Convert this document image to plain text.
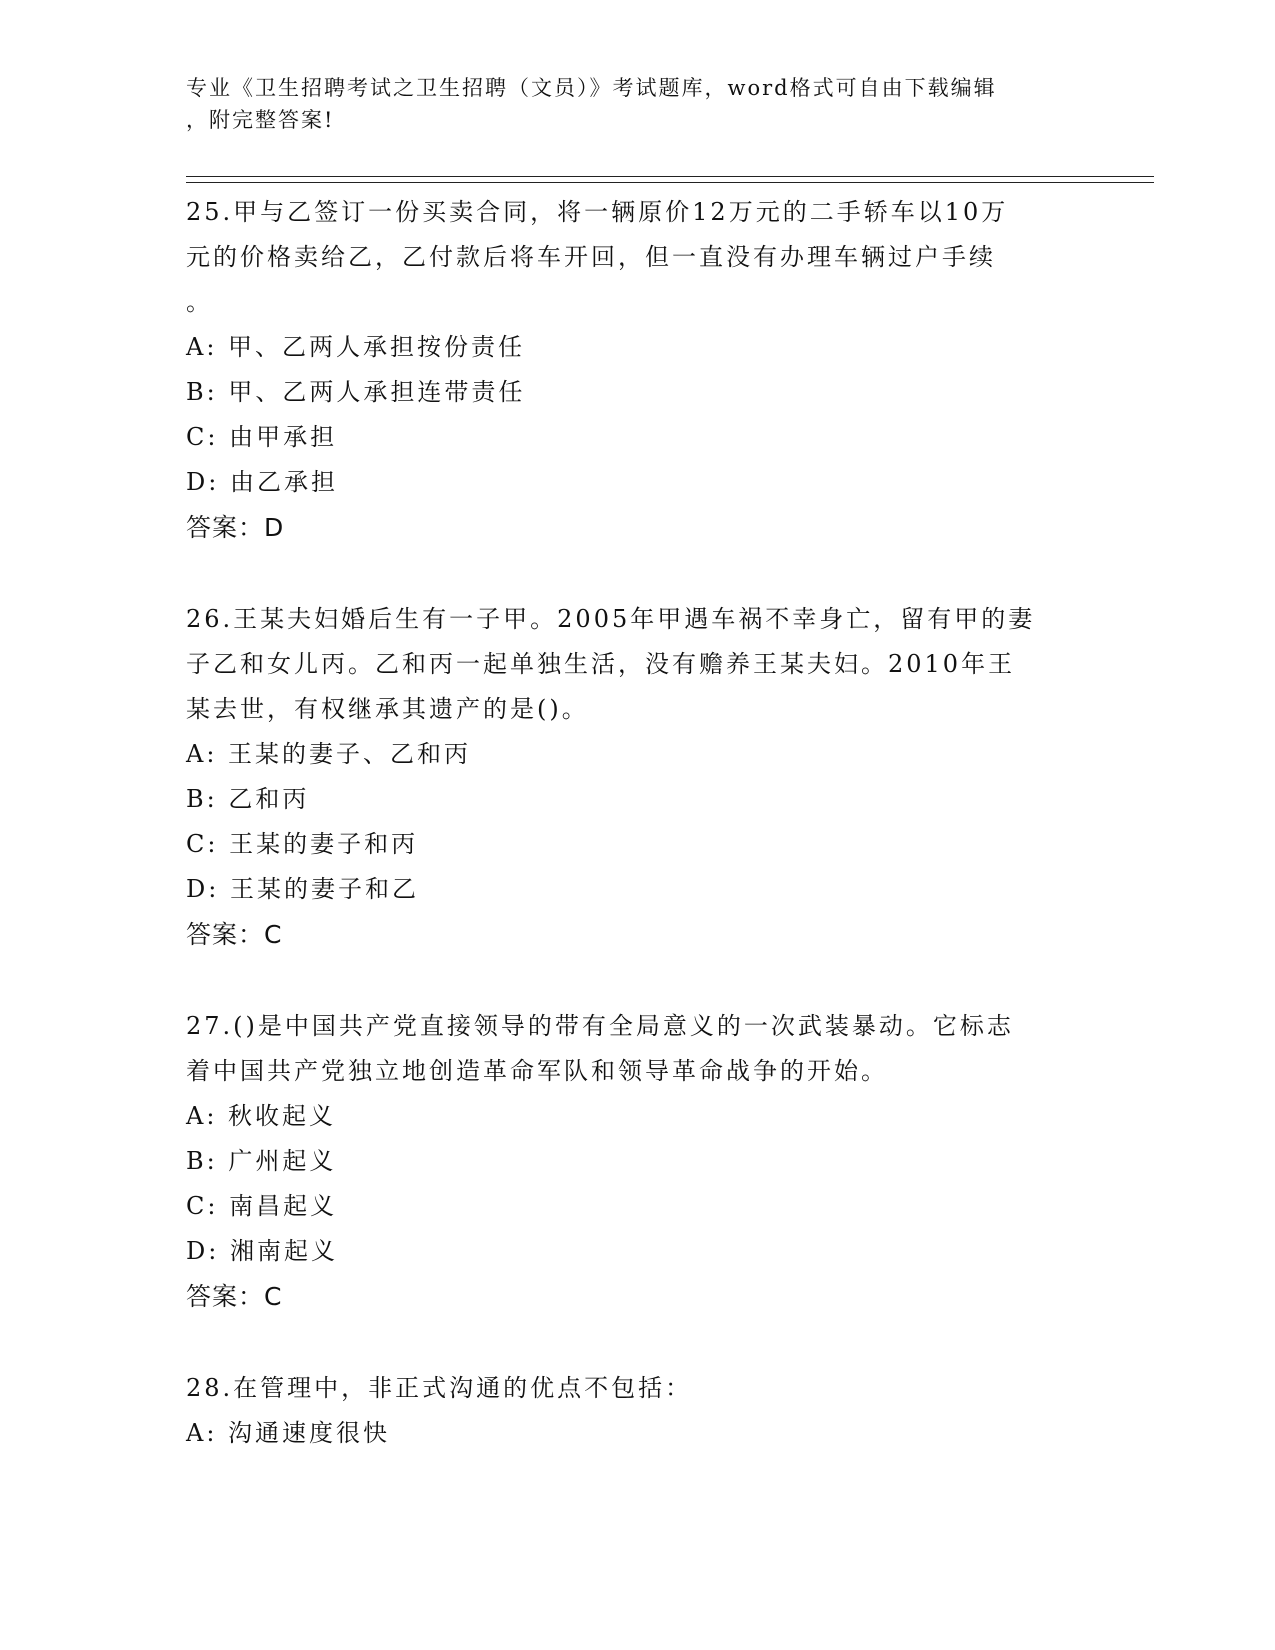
专业《卫生招聘考试之卫生招聘（文员）》考试题库，word格式可自由下载编辑
，附完整答案!
25.甲与乙签订一份买卖合同，将一辆原价12万元的二手轿车以10万
元的价格卖给乙，乙付款后将车开回，但一直没有办理车辆过户手续
。
A: 甲、乙两人承担按份责任
B: 甲、乙两人承担连带责任
C: 由甲承担
D: 由乙承担
答案：D
26.王某夫妇婚后生有一子甲。2005年甲遇车祸不幸身亡，留有甲的妻
子乙和女儿丙。乙和丙一起单独生活，没有赡养王某夫妇。2010年王
某去世，有权继承其遗产的是()。
A: 王某的妻子、乙和丙
B: 乙和丙
C: 王某的妻子和丙
D: 王某的妻子和乙
答案：C
27.()是中国共产党直接领导的带有全局意义的一次武装暴动。它标志
着中国共产党独立地创造革命军队和领导革命战争的开始。
A: 秋收起义
B: 广州起义
C: 南昌起义
D: 湘南起义
答案：C
28.在管理中，非正式沟通的优点不包括：
A: 沟通速度很快
